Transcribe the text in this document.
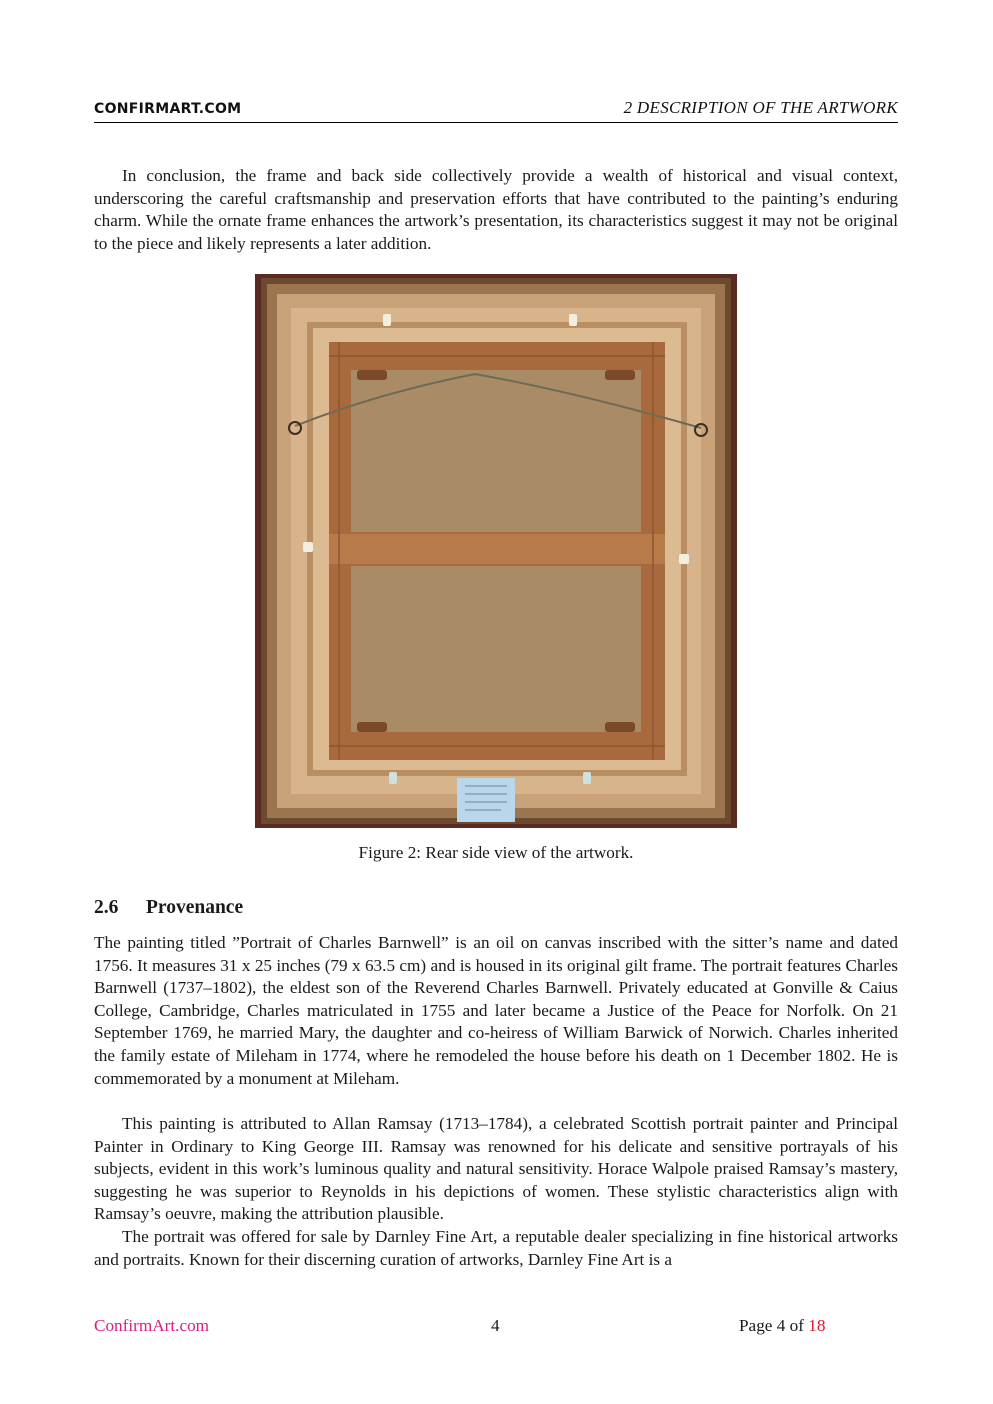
CONFIRMART.COM	2 DESCRIPTION OF THE ARTWORK

In conclusion, the frame and back side collectively provide a wealth of historical and visual context, underscoring the careful craftsmanship and preservation efforts that have contributed to the painting’s enduring charm. While the ornate frame enhances the artwork’s presentation, its characteristics suggest it may not be original to the piece and likely represents a later addition.

Figure 2: Rear side view of the artwork.
2.6 Provenance

The painting titled ”Portrait of Charles Barnwell” is an oil on canvas inscribed with the sitter’s name and dated 1756. It measures 31 x 25 inches (79 x 63.5 cm) and is housed in its original gilt frame. The portrait features Charles Barnwell (1737–1802), the eldest son of the Reverend Charles Barnwell. Privately educated at Gonville & Caius College, Cambridge, Charles matriculated in 1755 and later became a Justice of the Peace for Norfolk. On 21 September 1769, he married Mary, the daughter and co-heiress of William Barwick of Norwich. Charles inherited the family estate of Mileham in 1774, where he remodeled the house before his death on 1 December 1802. He is commemorated by a monument at Mileham.

This painting is attributed to Allan Ramsay (1713–1784), a celebrated Scottish portrait painter and Principal Painter in Ordinary to King George III. Ramsay was renowned for his delicate and sensitive portrayals of his subjects, evident in this work’s luminous quality and natural sensitivity. Horace Walpole praised Ramsay’s mastery, suggesting he was superior to Reynolds in his depictions of women. These stylistic characteristics align with Ramsay’s oeuvre, making the attribution plausible.

The portrait was offered for sale by Darnley Fine Art, a reputable dealer specializing in fine historical artworks and portraits. Known for their discerning curation of artworks, Darnley Fine Art is a

ConfirmArt.com	4	Page 4 of 18
